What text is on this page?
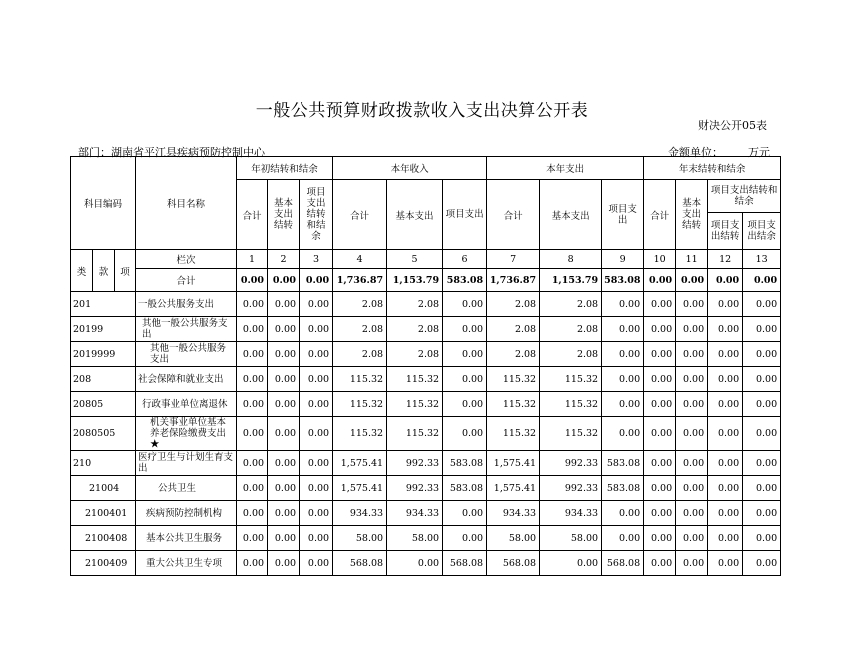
一般公共预算财政拨款收入支出决算公开表
财决公开05表
部门：湖南省平江县疾病预防控制中心	金额单位： 万元
科目编码			科目名称	年初结转和结余			本年收入			本年支出			年末结转和结余			
				合计	基本支出结转	项目支出结转和结余	合计	基本支出	项目支出	合计	基本支出	项目支出	合计	基本支出结转	项目支出结转和结余	
															项目支出结转	项目支出结余
类	款	项	栏次	1	2	3	4	5	6	7	8	9	10	11	12	13
			合计	0.00	0.00	0.00	1,736.87	1,153.79	583.08	1,736.87	1,153.79	583.08	0.00	0.00	0.00	0.00
201			一般公共服务支出	0.00	0.00	0.00	2.08	2.08	0.00	2.08	2.08	0.00	0.00	0.00	0.00	0.00
20199			其他一般公共服务支出	0.00	0.00	0.00	2.08	2.08	0.00	2.08	2.08	0.00	0.00	0.00	0.00	0.00
2019999			其他一般公共服务支出	0.00	0.00	0.00	2.08	2.08	0.00	2.08	2.08	0.00	0.00	0.00	0.00	0.00
208			社会保障和就业支出	0.00	0.00	0.00	115.32	115.32	0.00	115.32	115.32	0.00	0.00	0.00	0.00	0.00
20805			行政事业单位离退休	0.00	0.00	0.00	115.32	115.32	0.00	115.32	115.32	0.00	0.00	0.00	0.00	0.00
2080505			机关事业单位基本养老保险缴费支出★	0.00	0.00	0.00	115.32	115.32	0.00	115.32	115.32	0.00	0.00	0.00	0.00	0.00
210			医疗卫生与计划生育支出	0.00	0.00	0.00	1,575.41	992.33	583.08	1,575.41	992.33	583.08	0.00	0.00	0.00	0.00
21004			公共卫生	0.00	0.00	0.00	1,575.41	992.33	583.08	1,575.41	992.33	583.08	0.00	0.00	0.00	0.00
2100401			疾病预防控制机构	0.00	0.00	0.00	934.33	934.33	0.00	934.33	934.33	0.00	0.00	0.00	0.00	0.00
2100408			基本公共卫生服务	0.00	0.00	0.00	58.00	58.00	0.00	58.00	58.00	0.00	0.00	0.00	0.00	0.00
2100409			重大公共卫生专项	0.00	0.00	0.00	568.08	0.00	568.08	568.08	0.00	568.08	0.00	0.00	0.00	0.00
